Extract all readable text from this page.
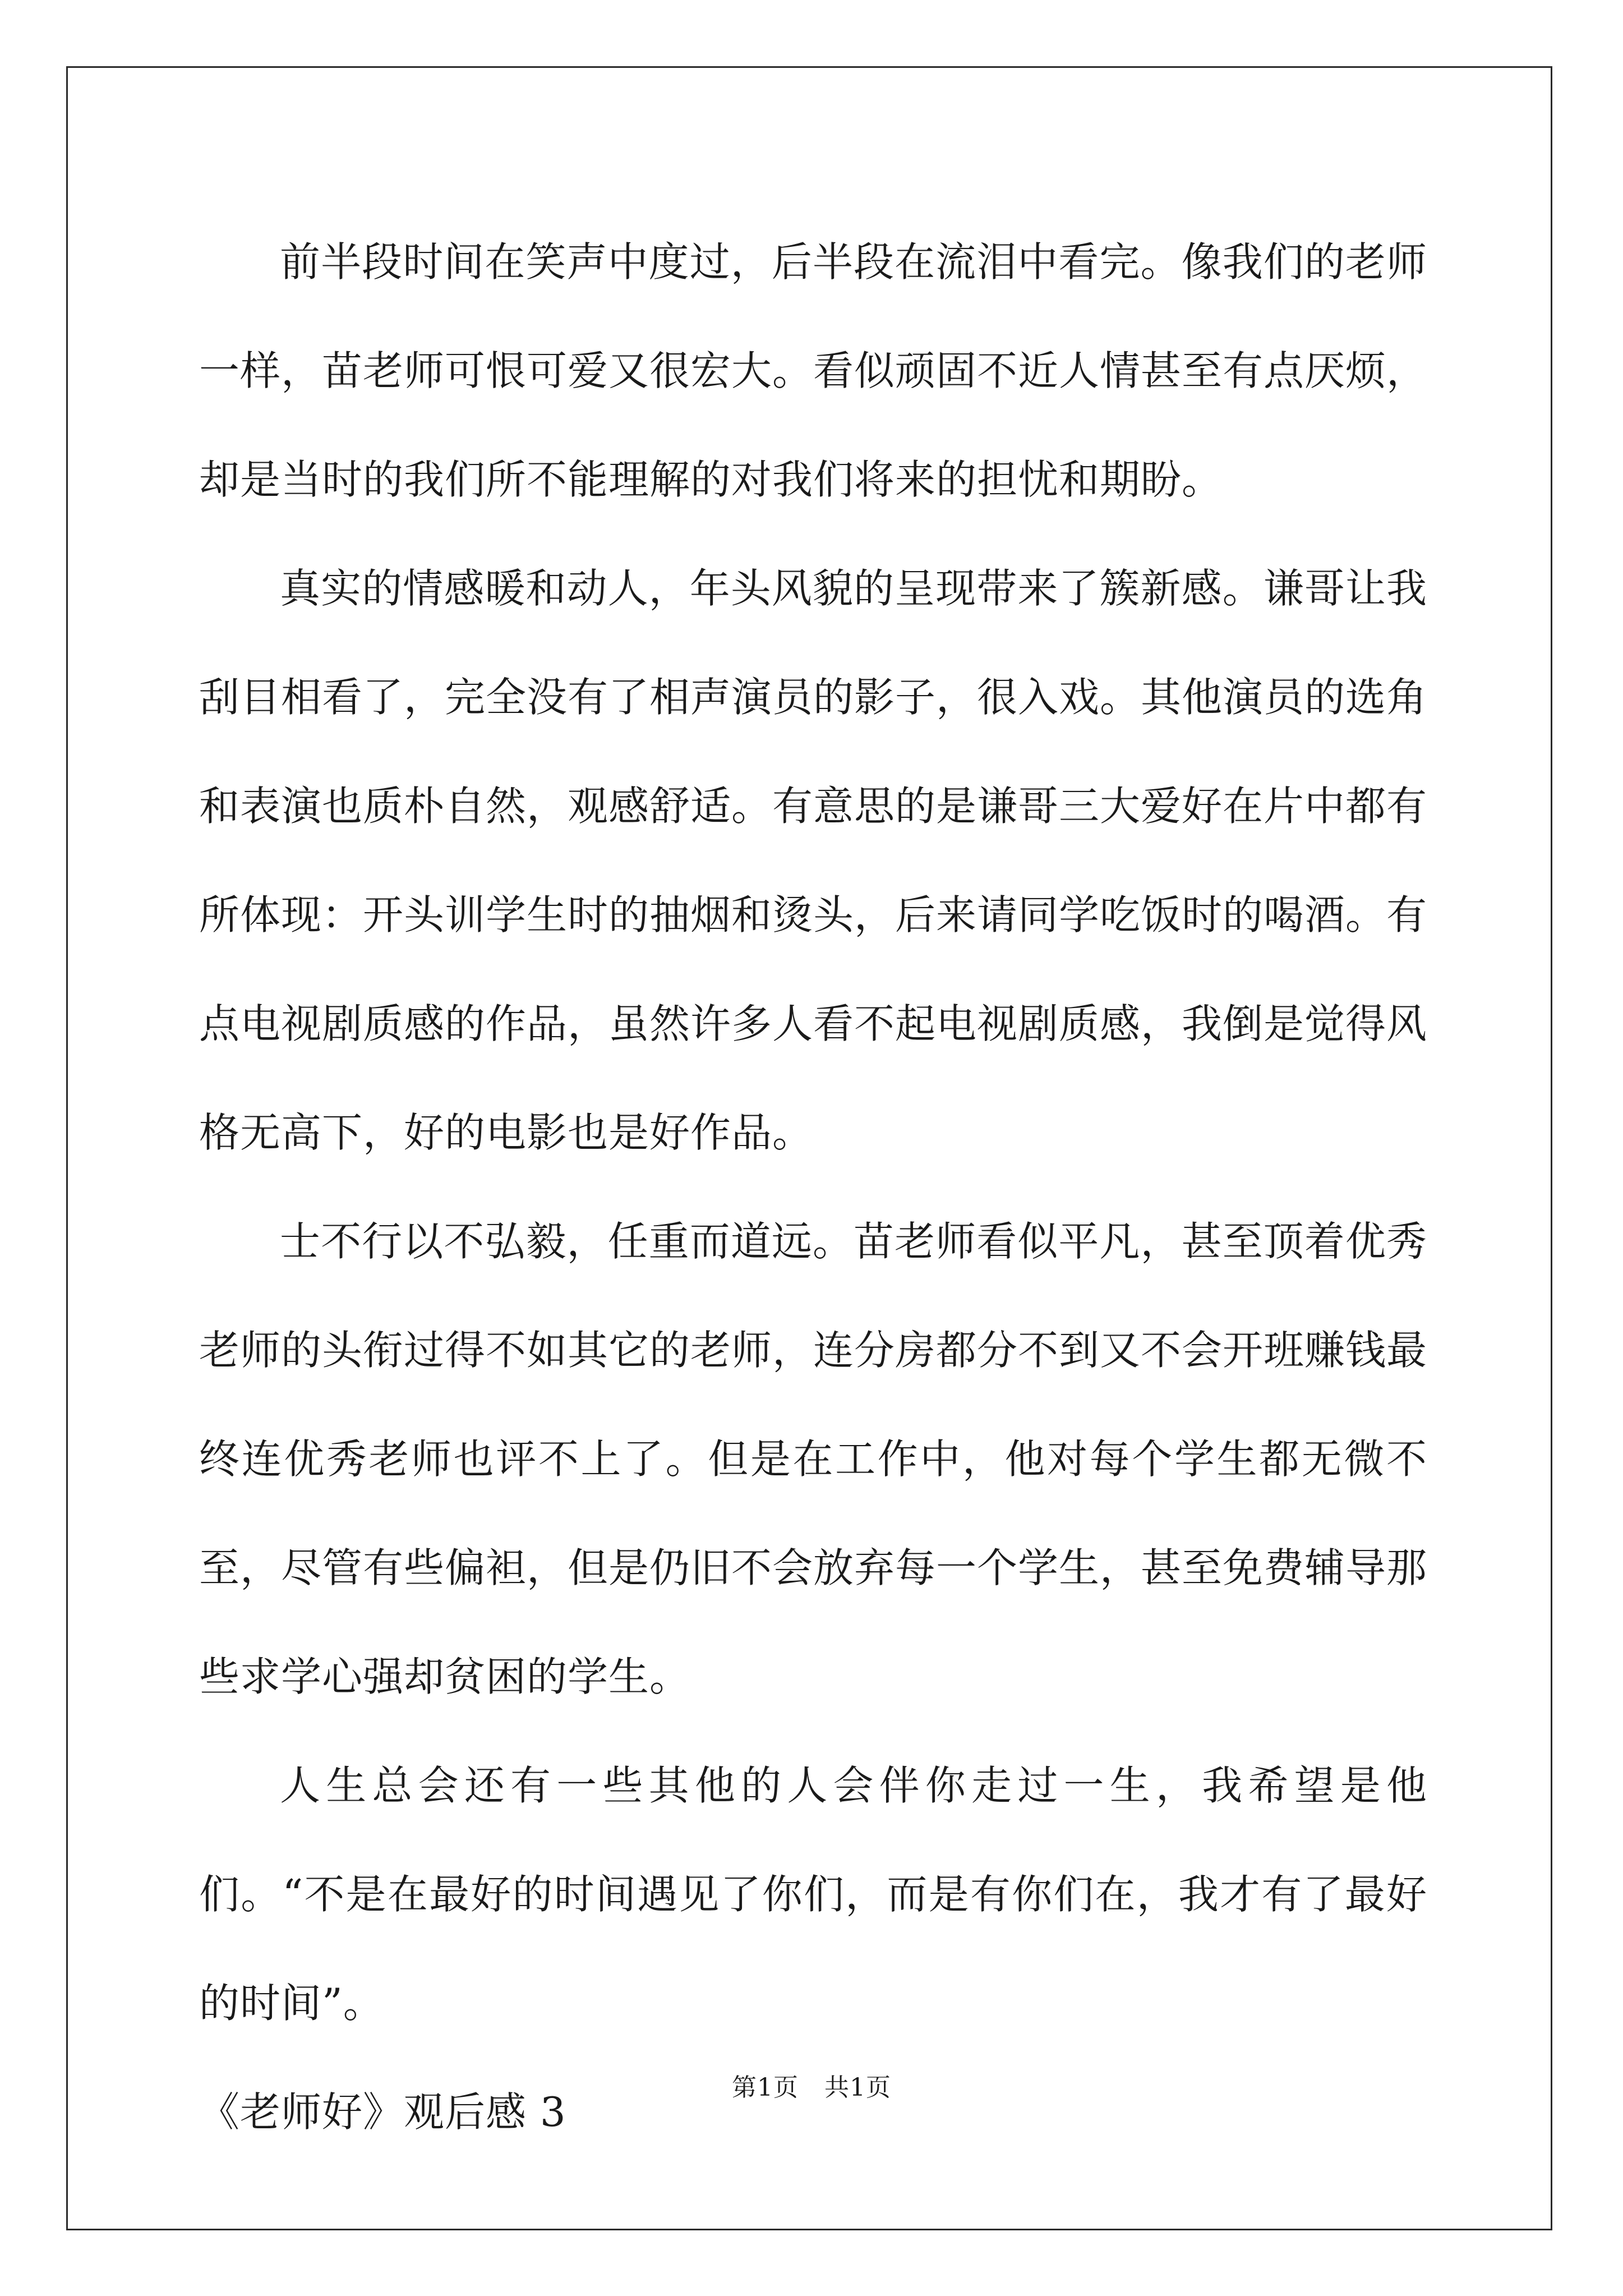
前半段时间在笑声中度过，后半段在流泪中看完。像我们的老师一样，苗老师可恨可爱又很宏大。看似顽固不近人情甚至有点厌烦，却是当时的我们所不能理解的对我们将来的担忧和期盼。

真实的情感暖和动人，年头风貌的呈现带来了簇新感。谦哥让我刮目相看了，完全没有了相声演员的影子，很入戏。其他演员的选角和表演也质朴自然，观感舒适。有意思的是谦哥三大爱好在片中都有所体现：开头训学生时的抽烟和烫头，后来请同学吃饭时的喝酒。有点电视剧质感的作品，虽然许多人看不起电视剧质感，我倒是觉得风格无高下，好的电影也是好作品。

士不行以不弘毅，任重而道远。苗老师看似平凡，甚至顶着优秀老师的头衔过得不如其它的老师，连分房都分不到又不会开班赚钱最终连优秀老师也评不上了。但是在工作中，他对每个学生都无微不至，尽管有些偏袒，但是仍旧不会放弃每一个学生，甚至免费辅导那些求学心强却贫困的学生。

人生总会还有一些其他的人会伴你走过一生，我希望是他们。“不是在最好的时间遇见了你们，而是有你们在，我才有了最好的时间”。

《老师好》观后感 3

第1页 共1页
